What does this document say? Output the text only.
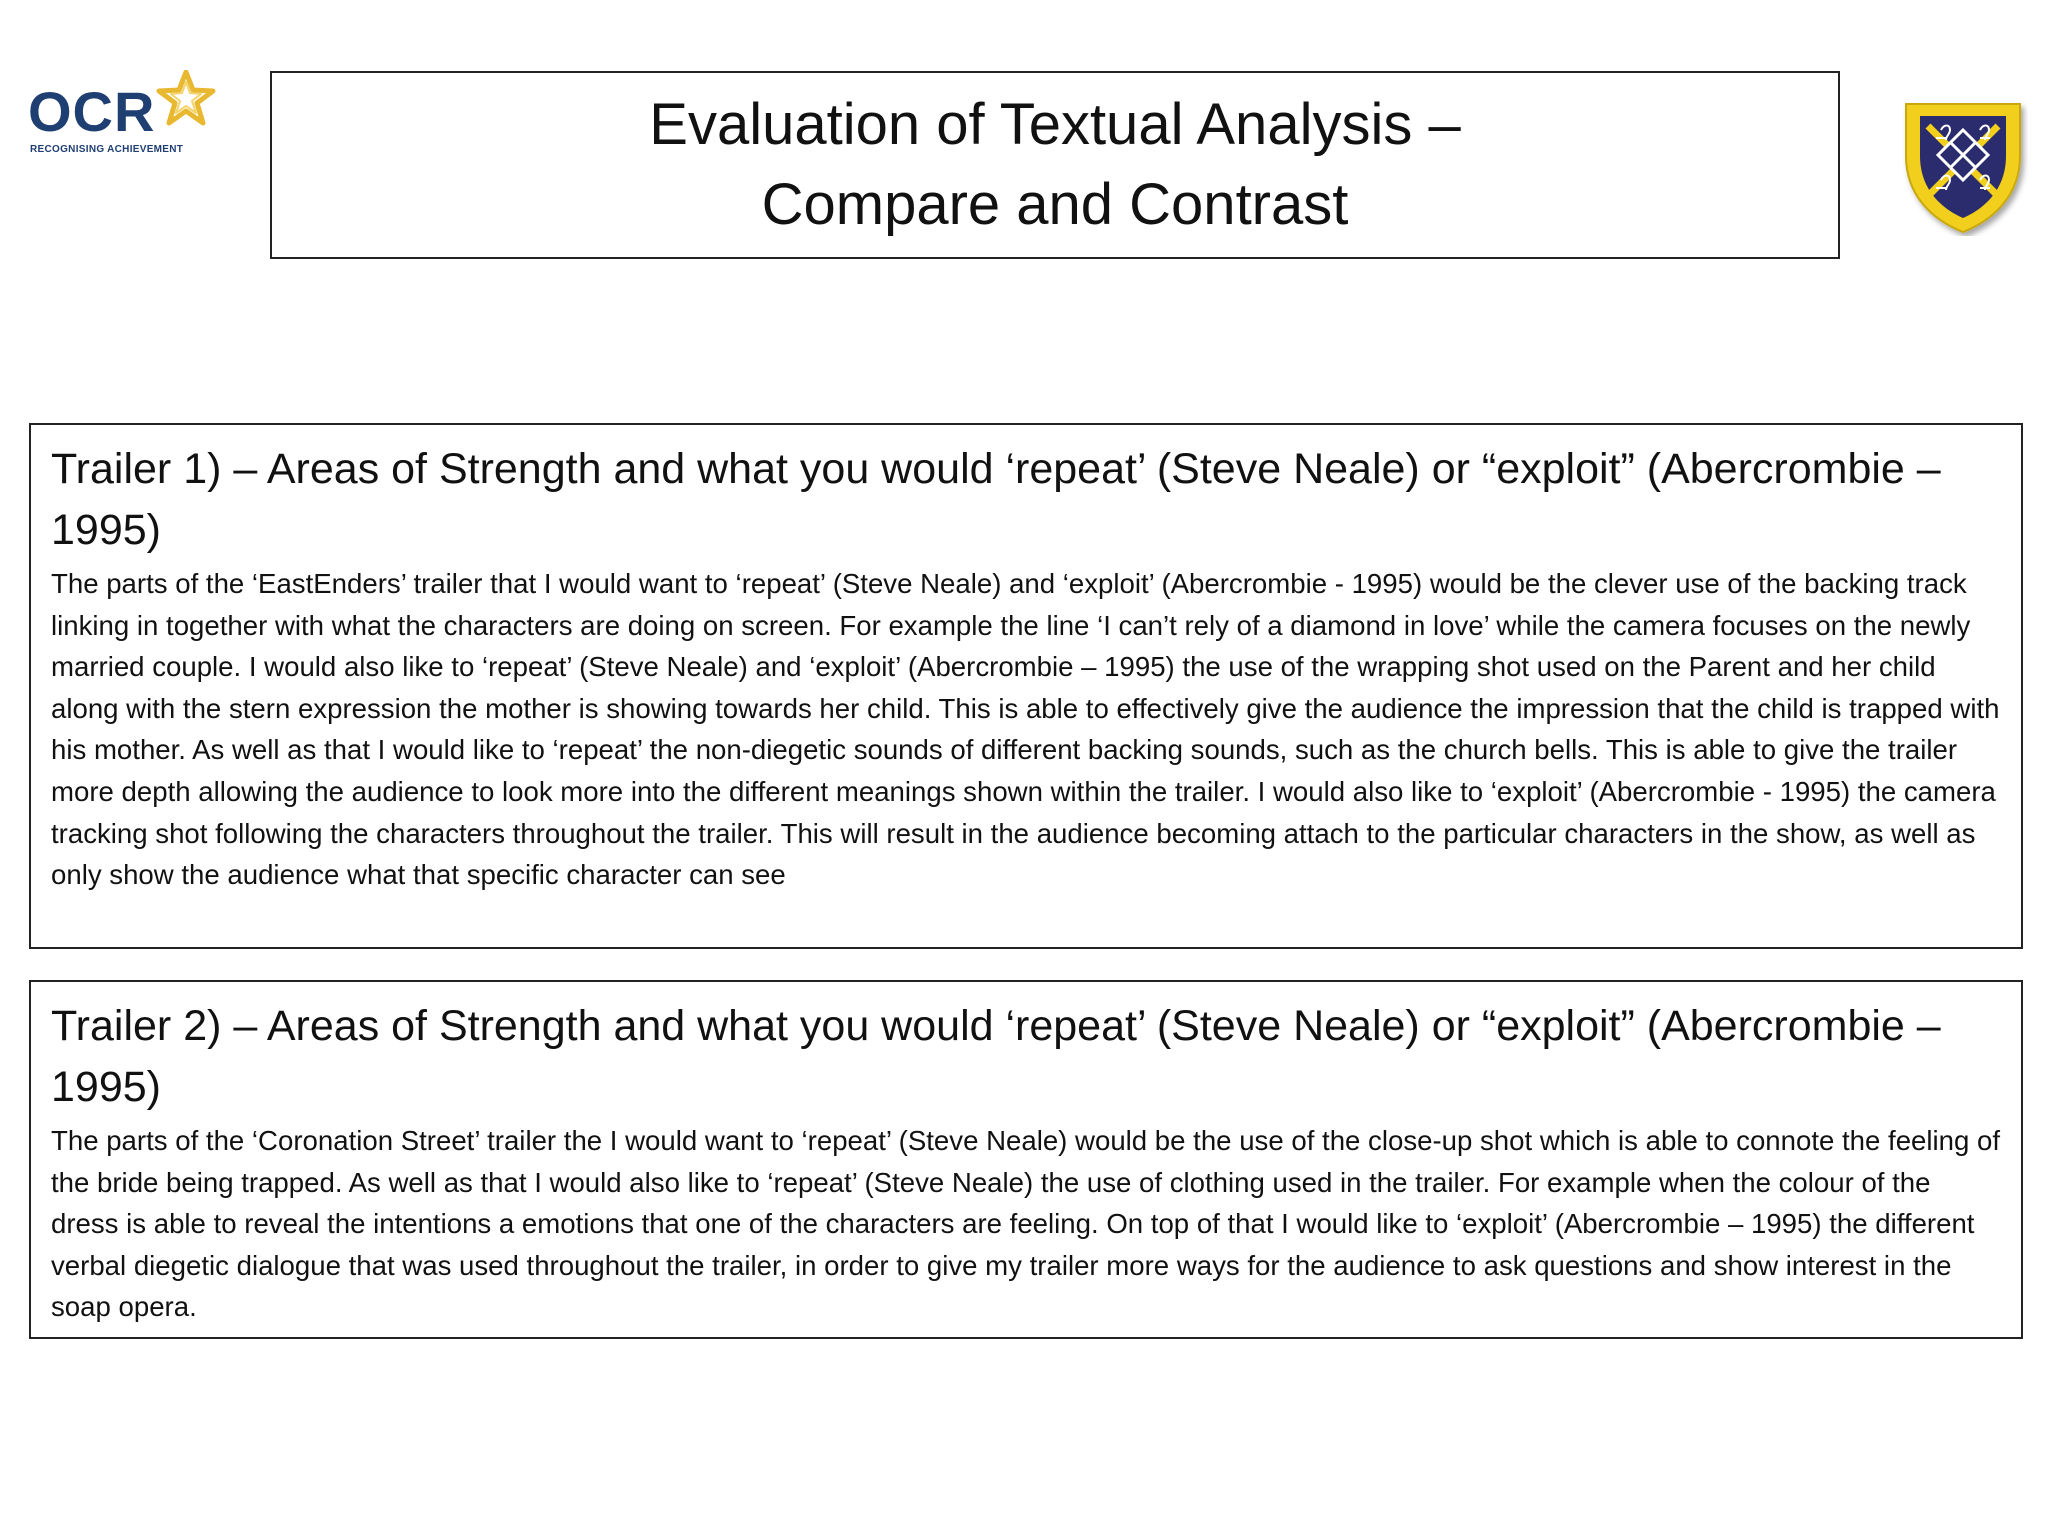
OCR
RECOGNISING ACHIEVEMENT	Evaluation of Textual Analysis –
Compare and Contrast
Trailer 1) – Areas of Strength and what you would ‘repeat’ (Steve Neale) or “exploit” (Abercrombie – 1995)

The parts of the ‘EastEnders’ trailer that I would want to ‘repeat’ (Steve Neale) and ‘exploit’ (Abercrombie - 1995) would be the clever use of the backing track linking in together with what the characters are doing on screen. For example the line ‘I can’t rely of a diamond in love’ while the camera focuses on the newly married couple. I would also like to ‘repeat’ (Steve Neale) and ‘exploit’ (Abercrombie – 1995) the use of the wrapping shot used on the Parent and her child along with the stern expression the mother is showing towards her child. This is able to effectively give the audience the impression that the child is trapped with his mother. As well as that I would like to ‘repeat’ the non-diegetic sounds of different backing sounds, such as the church bells. This is able to give the trailer more depth allowing the audience to look more into the different meanings shown within the trailer. I would also like to ‘exploit’ (Abercrombie - 1995) the camera tracking shot following the characters throughout the trailer. This will result in the audience becoming attach to the particular characters in the show, as well as only show the audience what that specific character can see

Trailer 2) – Areas of Strength and what you would ‘repeat’ (Steve Neale) or “exploit” (Abercrombie – 1995)

The parts of the ‘Coronation Street’ trailer the I would want to ‘repeat’ (Steve Neale) would be the use of the close-up shot which is able to connote the feeling of the bride being trapped. As well as that I would also like to ‘repeat’ (Steve Neale) the use of clothing used in the trailer. For example when the colour of the dress is able to reveal the intentions a emotions that one of the characters are feeling. On top of that I would like to ‘exploit’ (Abercrombie – 1995) the different verbal diegetic dialogue that was used throughout the trailer, in order to give my trailer more ways for the audience to ask questions and show interest in the soap opera.
